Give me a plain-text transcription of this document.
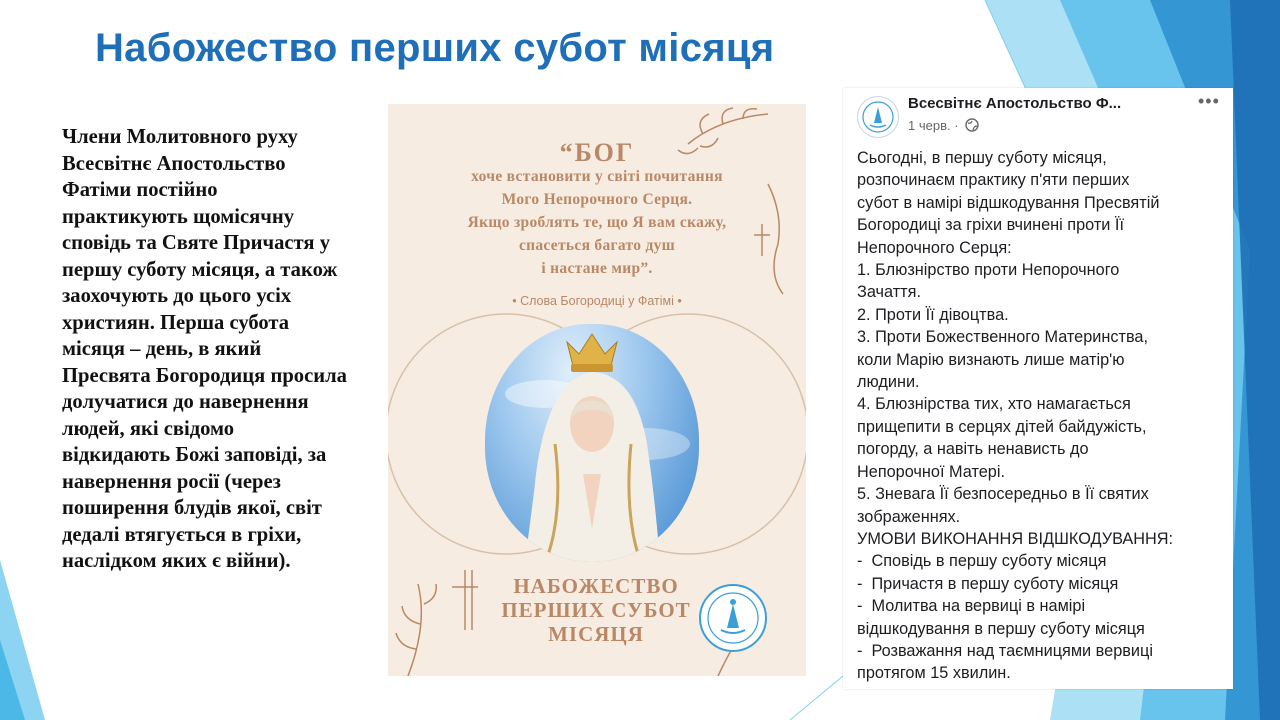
Набожество перших субот місяця
Члени Молитовного руху Всесвітнє Апостольство Фатіми постійно практикують щомісячну сповідь та Святе Причастя у першу суботу місяця, а також заохочують до цього усіх християн. Перша субота місяця – день, в який Пресвята Богородиця просила долучатися до навернення людей, які свідомо відкидають Божі заповіді, за навернення росії (через поширення блудів якої, світ дедалі втягується в гріхи, наслідком яких є війни).
“БОГ
хоче встановити у світі почитання
Мого Непорочного Серця.
Якщо зроблять те, що Я вам скажу,
спасеться багато душ
і настане мир”.
• Слова Богородиці у Фатімі •
НАБОЖЕСТВО
ПЕРШИХ СУБОТ
МІСЯЦЯ
Всесвітнє Апостольство Ф...
1 черв. ·
•••

Сьогодні, в першу суботу місяця,

розпочинаєм практику п'яти перших

субот в намірі відшкодування Пресвятій

Богородиці за гріхи вчинені проти Її

Непорочного Серця:

1. Блюзнірство проти Непорочного

Зачаття.

2. Проти Її дівоцтва.

3. Проти Божественного Материнства,

коли Марію визнають лише матір'ю

людини.

4. Блюзнірства тих, хто намагається

прищепити в серцях дітей байдужість,

погорду, а навіть ненависть до

Непорочної Матері.

5. Зневага Її безпосередньо в Її святих

зображеннях.

УМОВИ ВИКОНАННЯ ВІДШКОДУВАННЯ:

-  Сповідь в першу суботу місяця

-  Причастя в першу суботу місяця

-  Молитва на вервиці в намірі

відшкодування в першу суботу місяця

-  Розважання над таємницями вервиці

протягом 15 хвилин.
